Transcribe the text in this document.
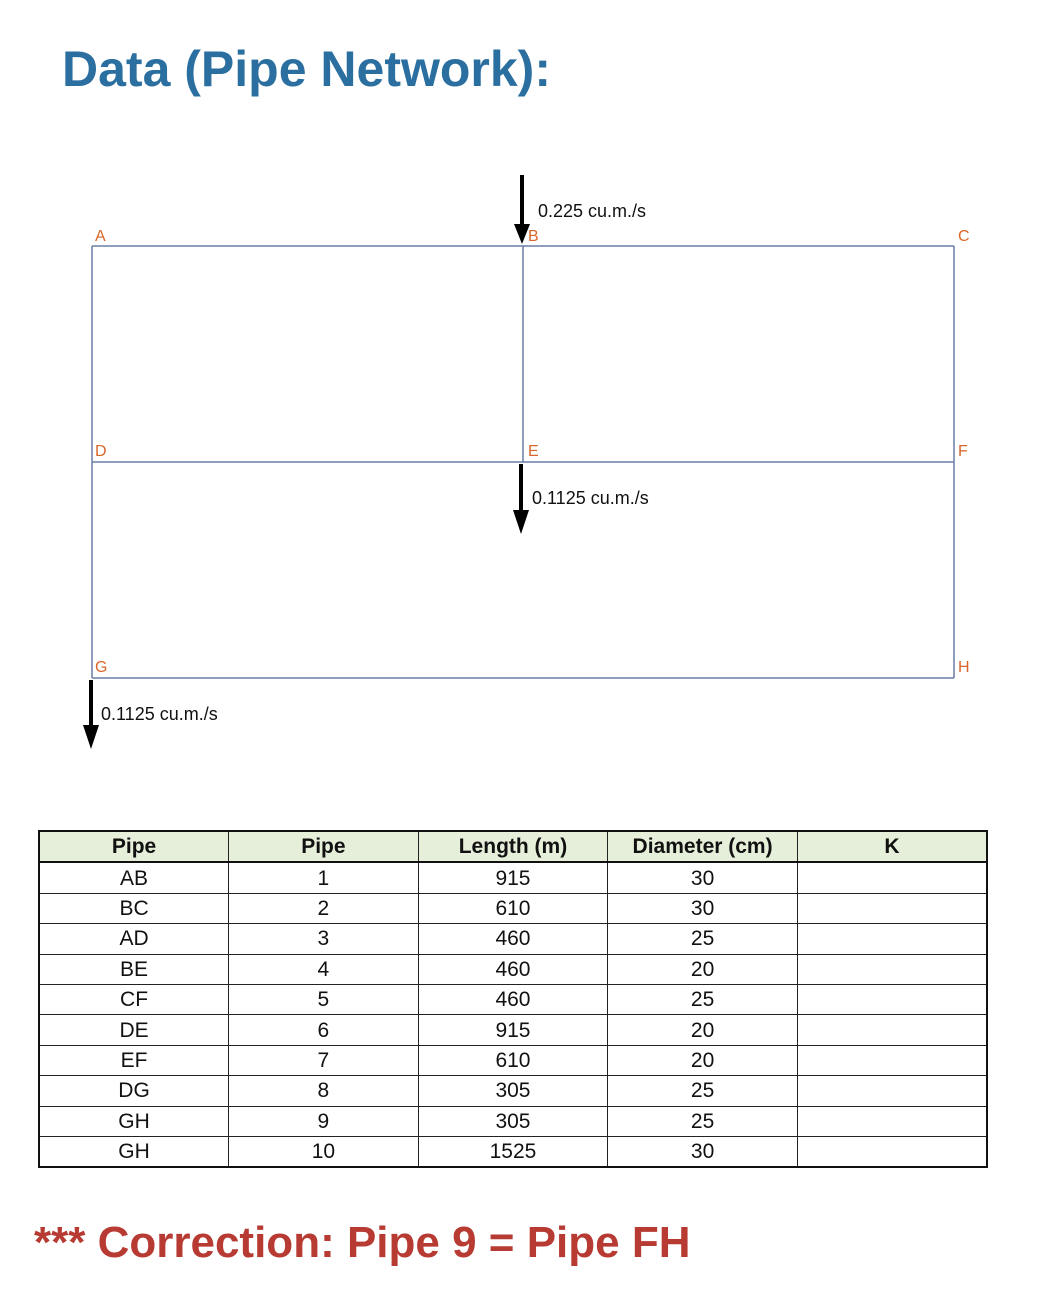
Data (Pipe Network):
A	B	C
D	E	F
G	H
0.225 cu.m./s
0.1125 cu.m./s
0.1125 cu.m./s
Pipe	Pipe	Length (m)	Diameter (cm)	K
AB	1	915	30	
BC	2	610	30	
AD	3	460	25	
BE	4	460	20	
CF	5	460	25	
DE	6	915	20	
EF	7	610	20	
DG	8	305	25	
GH	9	305	25	
GH	10	1525	30	

*** Correction: Pipe 9 = Pipe FH
